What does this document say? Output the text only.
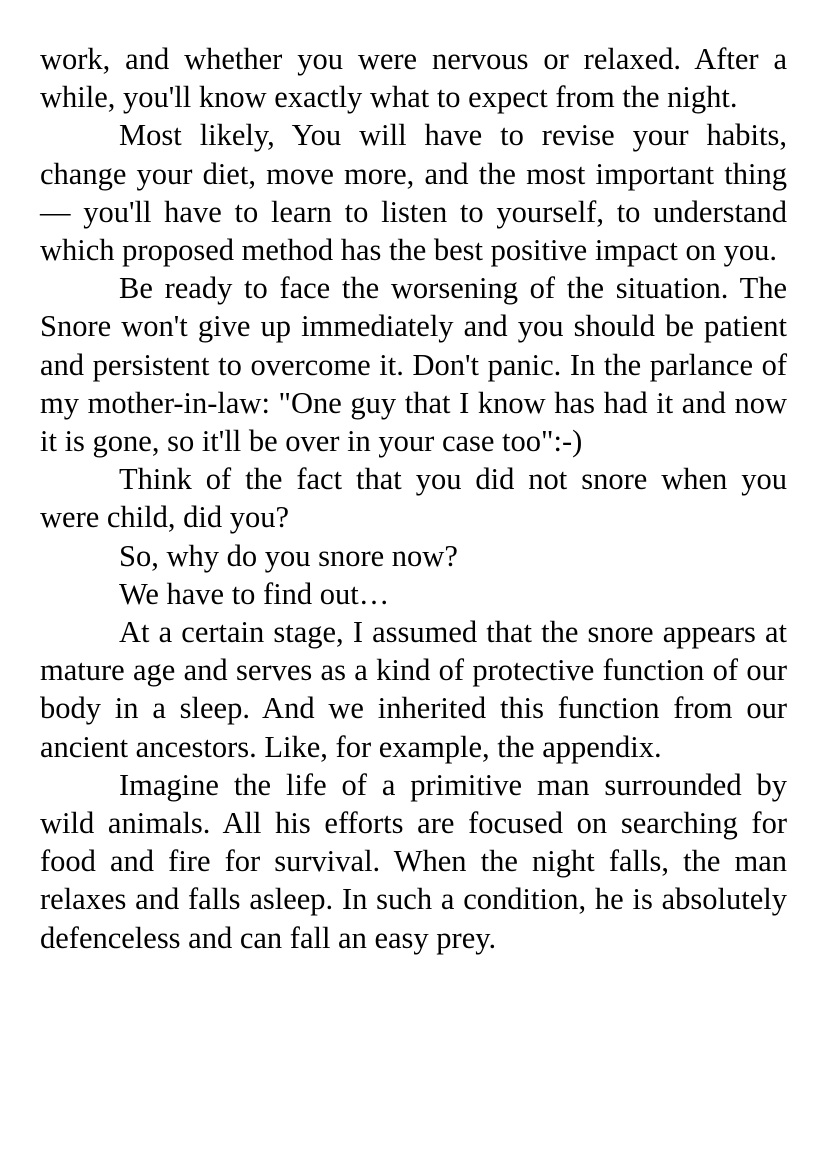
work, and whether you were nervous or relaxed. After a while, you'll know exactly what to expect from the night.

Most likely, You will have to revise your habits, change your diet, move more, and the most important thing — you'll have to learn to listen to yourself, to understand which proposed method has the best positive impact on you.

Be ready to face the worsening of the situation. The Snore won't give up immediately and you should be patient and persistent to overcome it. Don't panic. In the parlance of my mother-in-law: "One guy that I know has had it and now it is gone, so it'll be over in your case too":-)

Think of the fact that you did not snore when you were child, did you?

So, why do you snore now?

We have to find out…

At a certain stage, I assumed that the snore appears at mature age and serves as a kind of protective function of our body in a sleep. And we inherited this function from our ancient ancestors. Like, for example, the appendix.

Imagine the life of a primitive man surrounded by wild animals. All his efforts are focused on searching for food and fire for survival. When the night falls, the man relaxes and falls asleep. In such a condition, he is absolutely defenceless and can fall an easy prey.
